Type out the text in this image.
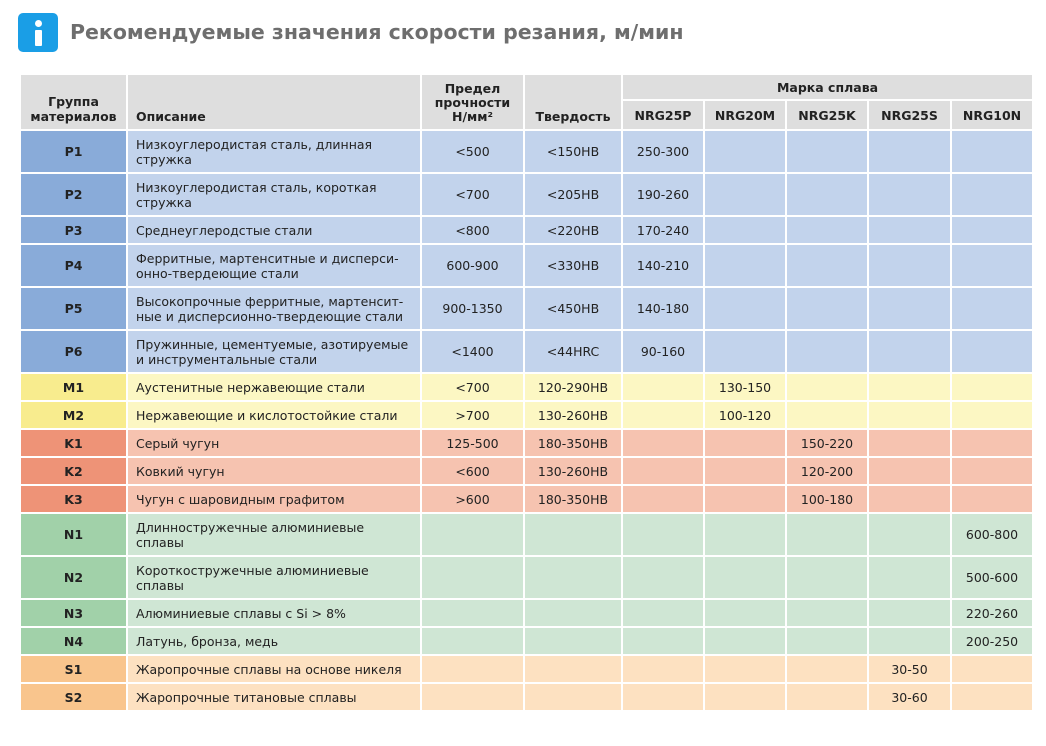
Рекомендуемые значения скорости резания, м/мин
Группа
материалов	Описание	Предел
прочности
Н/мм²	Твердость	Марка сплава				
				NRG25P	NRG20M	NRG25K	NRG25S	NRG10N
P1	Низкоуглеродистая сталь, длинная
стружка	<500	<150HB	250-300				
P2	Низкоуглеродистая сталь, короткая
стружка	<700	<205HB	190-260				
P3	Среднеуглеродстые стали	<800	<220HB	170-240				
P4	Ферритные, мартенситные и дисперси-
онно-твердеющие стали	600-900	<330HB	140-210				
P5	Высокопрочные ферритные, мартенсит-
ные и дисперсионно-твердеющие стали	900-1350	<450HB	140-180				
P6	Пружинные, цементуемые, азотируемые
и инструментальные стали	<1400	<44HRC	90-160				
M1	Аустенитные нержавеющие стали	<700	120-290HB		130-150			
M2	Нержавеющие и кислотостойкие стали	>700	130-260HB		100-120			
K1	Серый чугун	125-500	180-350HB			150-220		
K2	Ковкий чугун	<600	130-260HB			120-200		
K3	Чугун с шаровидным графитом	>600	180-350HB			100-180		
N1	Длинностружечные алюминиевые
сплавы							600-800
N2	Короткостружечные алюминиевые
сплавы							500-600
N3	Алюминиевые сплавы с Si > 8%							220-260
N4	Латунь, бронза, медь							200-250
S1	Жаропрочные сплавы на основе никеля						30-50	
S2	Жаропрочные титановые сплавы						30-60	
